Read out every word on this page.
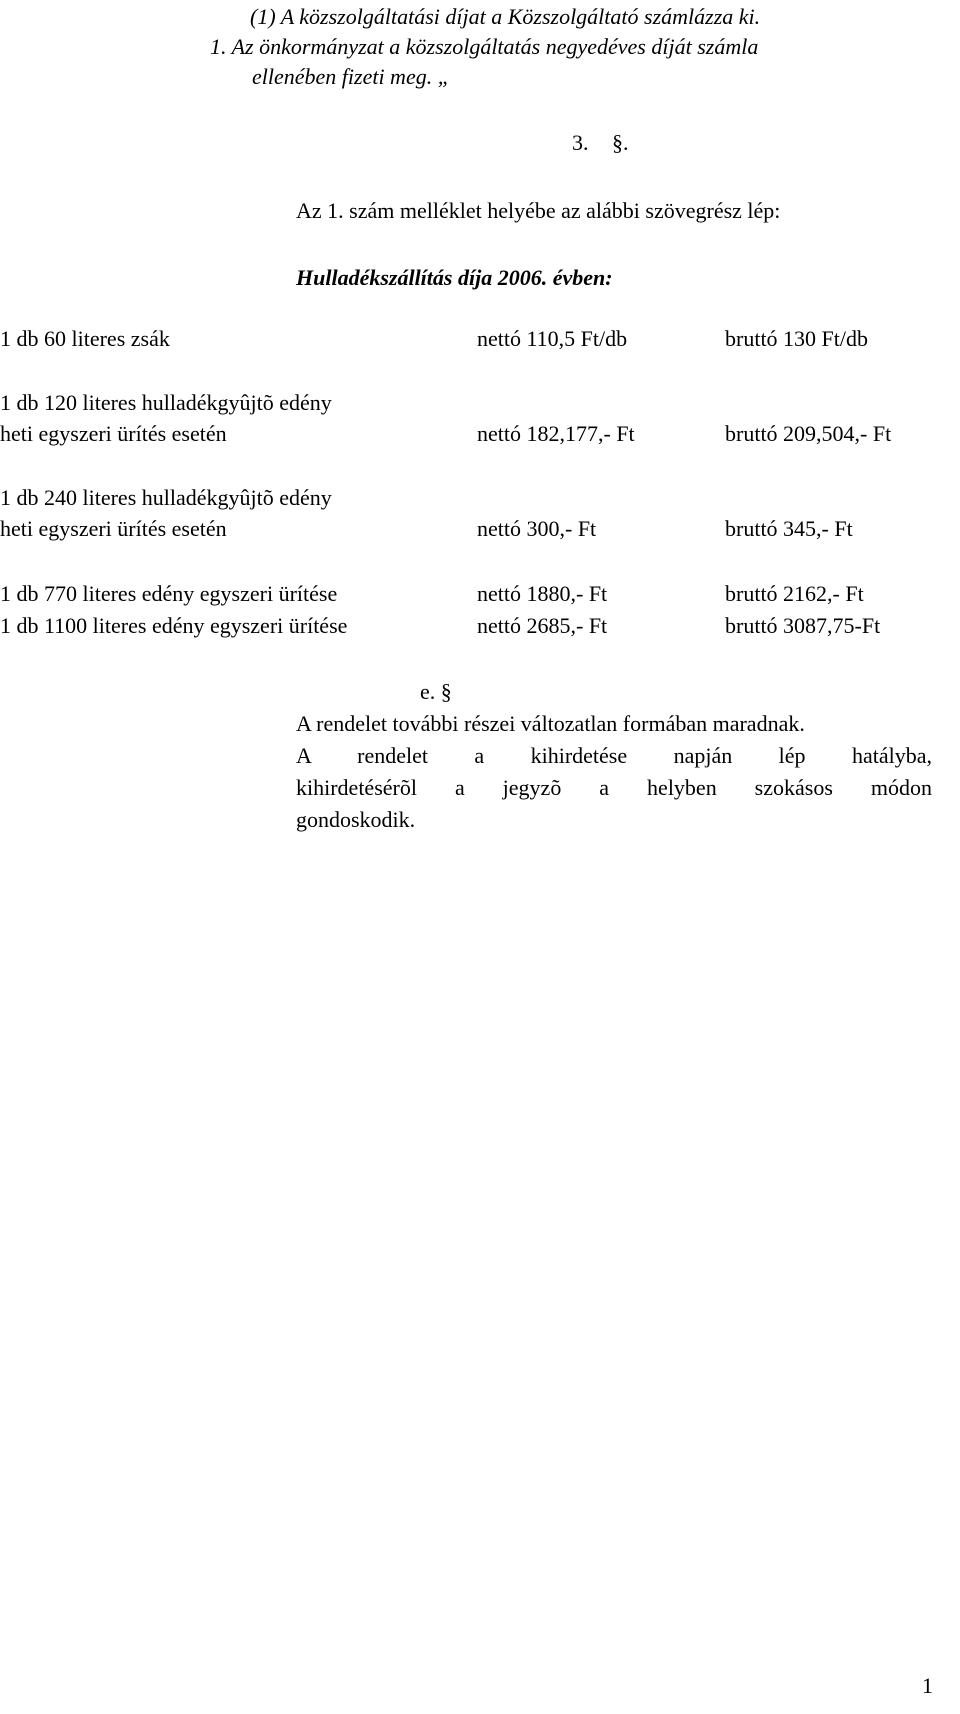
(1) A közszolgáltatási díjat a Közszolgáltató számlázza ki.
1. Az önkormányzat a közszolgáltatás negyedéves díját számla
ellenében fizeti meg. „
3. §.
Az 1. szám melléklet helyébe az alábbi szövegrész lép:
Hulladékszállítás díja 2006. évben:
1 db 60 literes zsák	nettó 110,5 Ft/db	bruttó 130 Ft/db
1 db 120 literes hulladékgyûjtõ edény
heti egyszeri ürítés esetén	nettó 182,177,- Ft	bruttó 209,504,- Ft
1 db 240 literes hulladékgyûjtõ edény
heti egyszeri ürítés esetén	nettó 300,- Ft	bruttó 345,- Ft
1 db 770 literes edény egyszeri ürítése	nettó 1880,- Ft	bruttó 2162,- Ft
1 db 1100 literes edény egyszeri ürítése	nettó 2685,- Ft	bruttó 3087,75-Ft
e. §
A rendelet további részei változatlan formában maradnak.
A rendelet a kihirdetése napján lép hatályba,
kihirdetésérõl a jegyzõ a helyben szokásos módon
gondoskodik.
1
